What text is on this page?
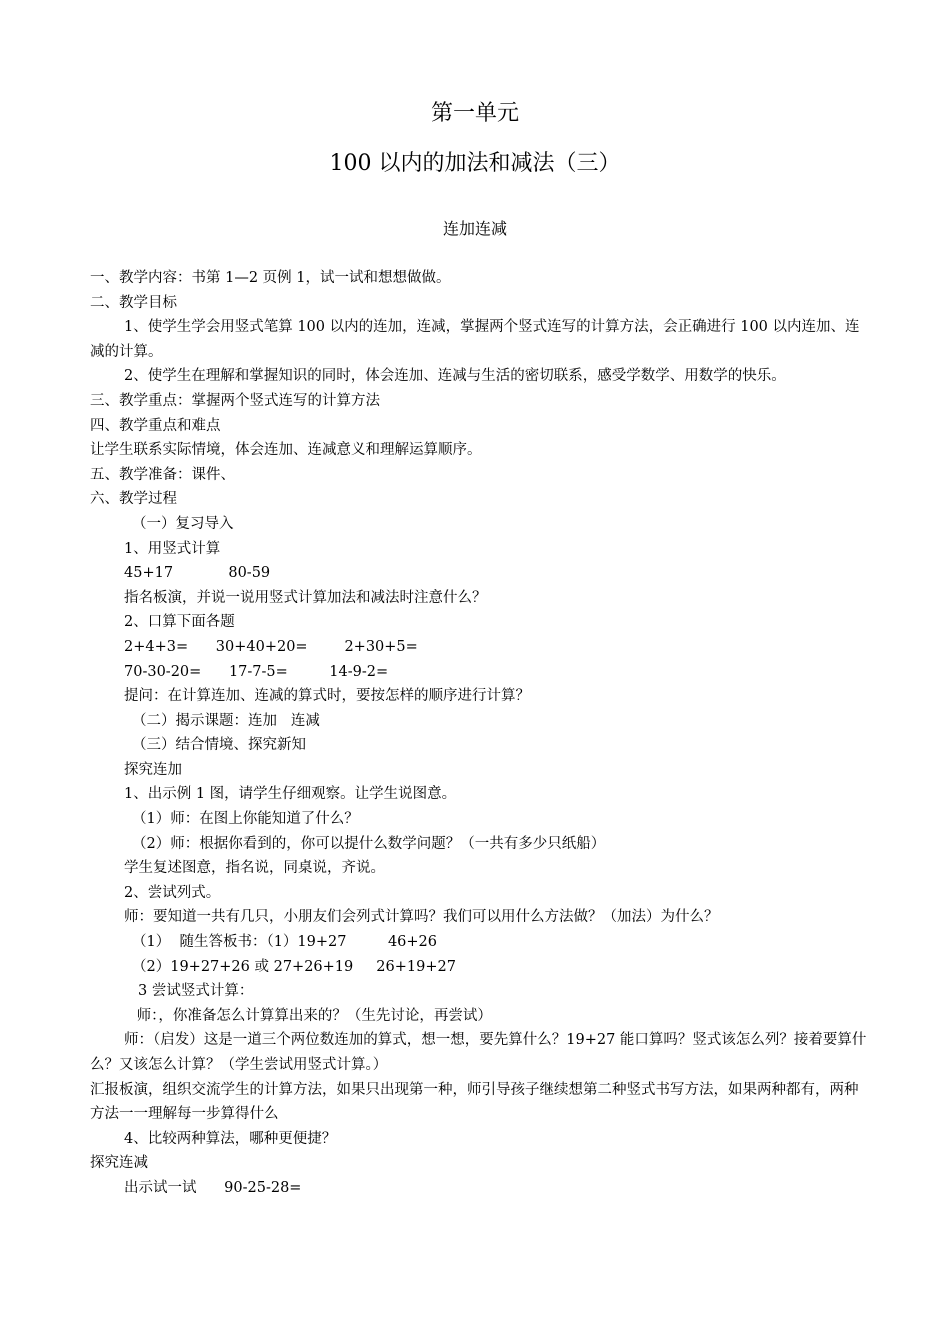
第一单元
100 以内的加法和减法（三）
连加连减
一、教学内容：书第 1—2 页例 1，试一试和想想做做。
二、教学目标
1、使学生学会用竖式笔算 100 以内的连加，连减，掌握两个竖式连写的计算方法，会正确进行 100 以内连加、连减的计算。
2、使学生在理解和掌握知识的同时，体会连加、连减与生活的密切联系，感受学数学、用数学的快乐。
三、教学重点：掌握两个竖式连写的计算方法
四、教学重点和难点
让学生联系实际情境，体会连加、连减意义和理解运算顺序。
五、教学准备：课件、
六、教学过程
（一）复习导入
1、用竖式计算
45+17            80-59
指名板演，并说一说用竖式计算加法和减法时注意什么？
2、口算下面各题
2+4+3=      30+40+20=        2+30+5=
70-30-20=      17-7-5=         14-9-2=
提问：在计算连加、连减的算式时，要按怎样的顺序进行计算？
（二）揭示课题：连加   连减
（三）结合情境、探究新知
探究连加
1、出示例 1 图，请学生仔细观察。让学生说图意。
（1）师：在图上你能知道了什么？
（2）师：根据你看到的，你可以提什么数学问题？（一共有多少只纸船）
学生复述图意，指名说，同桌说，齐说。
2、尝试列式。
师：要知道一共有几只，小朋友们会列式计算吗？我们可以用什么方法做？（加法）为什么？
（1）  随生答板书：（1）19+27         46+26
（2）19+27+26 或 27+26+19     26+19+27
3 尝试竖式计算：
师：，你准备怎么计算算出来的？（生先讨论，再尝试）
师：（启发）这是一道三个两位数连加的算式，想一想，要先算什么？19+27 能口算吗？竖式该怎么列？接着要算什么？又该怎么计算？（学生尝试用竖式计算。）
汇报板演，组织交流学生的计算方法，如果只出现第一种，师引导孩子继续想第二种竖式书写方法，如果两种都有，两种方法一一理解每一步算得什么
4、比较两种算法，哪种更便捷？
探究连减
出示试一试      90-25-28=
